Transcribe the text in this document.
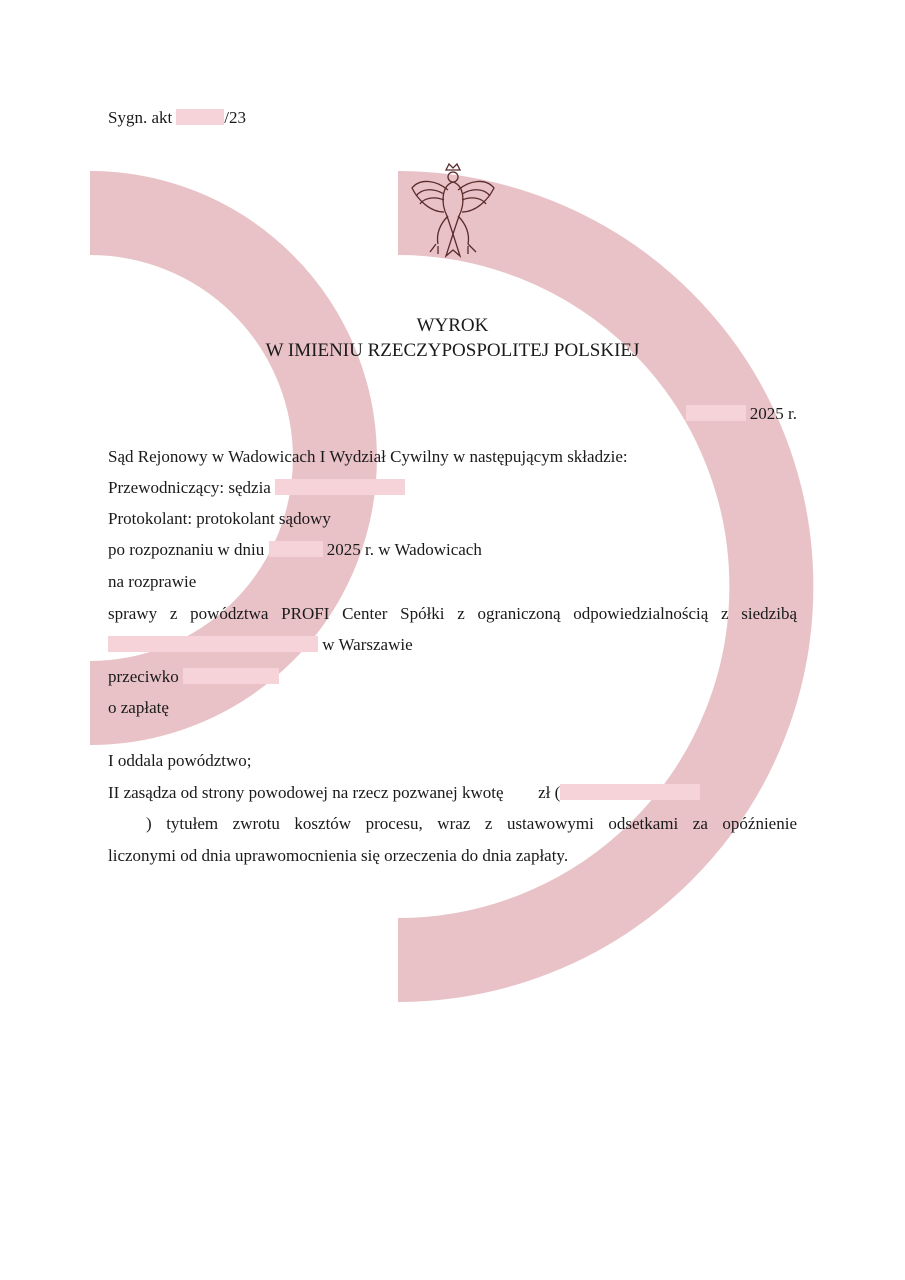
Sygn. akt	/23
WYROK
W IMIENIU RZECZYPOSPOLITEJ POLSKIEJ
2025 r.
Sąd Rejonowy w Wadowicach I Wydział Cywilny w następującym składzie:
Przewodniczący: sędzia
Protokolant: protokolant sądowy
po rozpoznaniu w dniu	2025 r. w Wadowicach
na rozprawie
sprawy z powództwa PROFI Center Spółki z ograniczoną odpowiedzialnością z siedzibą
w Warszawie
przeciwko
o zapłatę
I oddala powództwo;
II zasądza od strony powodowej na rzecz pozwanej kwotę zł (
) tytułem zwrotu kosztów procesu, wraz z ustawowymi odsetkami za opóźnienie
liczonymi od dnia uprawomocnienia się orzeczenia do dnia zapłaty.
